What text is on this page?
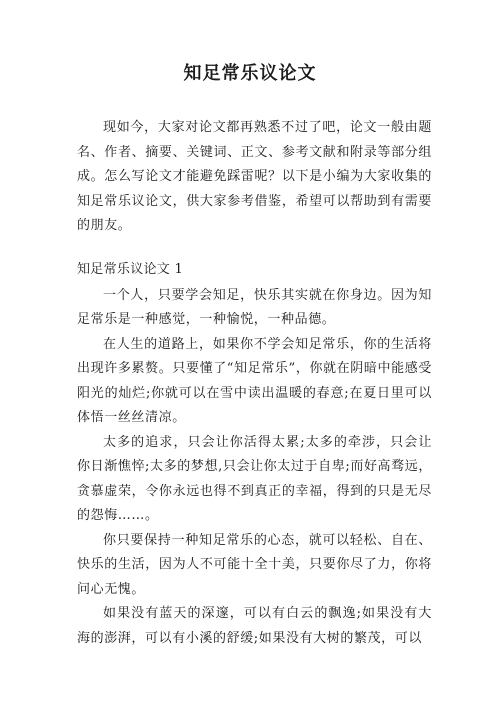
知足常乐议论文

现如今，大家对论文都再熟悉不过了吧，论文一般由题名、作者、摘要、关键词、正文、参考文献和附录等部分组成。怎么写论文才能避免踩雷呢？以下是小编为大家收集的知足常乐议论文，供大家参考借鉴，希望可以帮助到有需要的朋友。

知足常乐议论文 1

一个人，只要学会知足，快乐其实就在你身边。因为知足常乐是一种感觉，一种愉悦，一种品德。

在人生的道路上，如果你不学会知足常乐，你的生活将出现许多累赘。只要懂了“知足常乐”，你就在阴暗中能感受阳光的灿烂;你就可以在雪中读出温暖的春意;在夏日里可以体悟一丝丝清凉。

太多的追求，只会让你活得太累;太多的牵涉，只会让你日渐憔悴;太多的梦想,只会让你太过于自卑;而好高骛远，贪慕虚荣，令你永远也得不到真正的幸福，得到的只是无尽的怨悔……。

你只要保持一种知足常乐的心态，就可以轻松、自在、快乐的生活，因为人不可能十全十美，只要你尽了力，你将问心无愧。

如果没有蓝天的深邃，可以有白云的飘逸;如果没有大海的澎湃，可以有小溪的舒缓;如果没有大树的繁茂，可以
